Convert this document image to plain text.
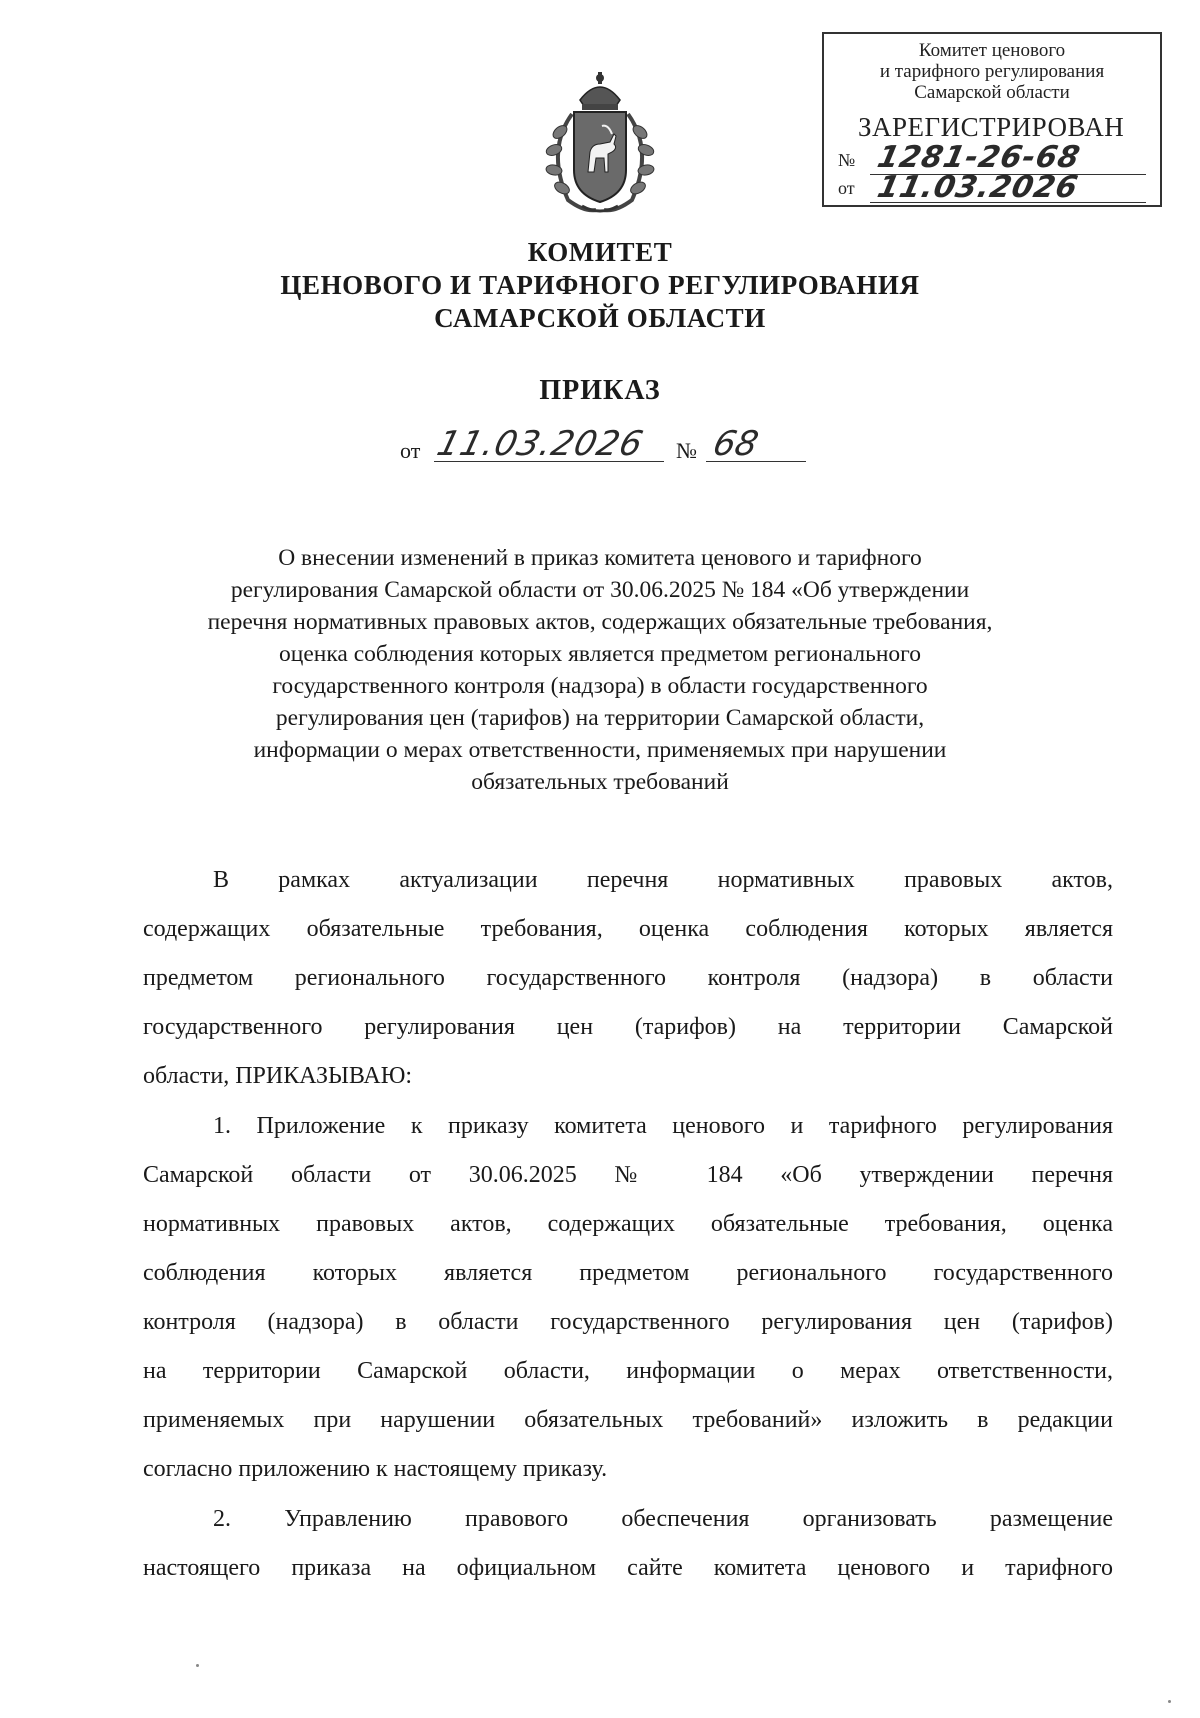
Комитет ценового
и тарифного регулирования
Самарской области
ЗАРЕГИСТРИРОВАН
№ 1281-26-68
от 11.03.2026
КОМИТЕТ
ЦЕНОВОГО И ТАРИФНОГО РЕГУЛИРОВАНИЯ
САМАРСКОЙ ОБЛАСТИ
ПРИКАЗ
от 11.03.2026 № 68
О внесении изменений в приказ комитета ценового и тарифного
регулирования Самарской области от 30.06.2025 № 184 «Об утверждении
перечня нормативных правовых актов, содержащих обязательные требования,
оценка соблюдения которых является предметом регионального
государственного контроля (надзора) в области государственного
регулирования цен (тарифов) на территории Самарской области,
информации о мерах ответственности, применяемых при нарушении
обязательных требований
В рамках актуализации перечня нормативных правовых актов,
содержащих обязательные требования, оценка соблюдения которых является
предметом регионального государственного контроля (надзора) в области
государственного регулирования цен (тарифов) на территории Самарской
области, ПРИКАЗЫВАЮ:
1. Приложение к приказу комитета ценового и тарифного регулирования
Самарской области от 30.06.2025 № 184 «Об утверждении перечня
нормативных правовых актов, содержащих обязательные требования, оценка
соблюдения которых является предметом регионального государственного
контроля (надзора) в области государственного регулирования цен (тарифов)
на территории Самарской области, информации о мерах ответственности,
применяемых при нарушении обязательных требований» изложить в редакции
согласно приложению к настоящему приказу.
2. Управлению правового обеспечения организовать размещение
настоящего приказа на официальном сайте комитета ценового и тарифного
